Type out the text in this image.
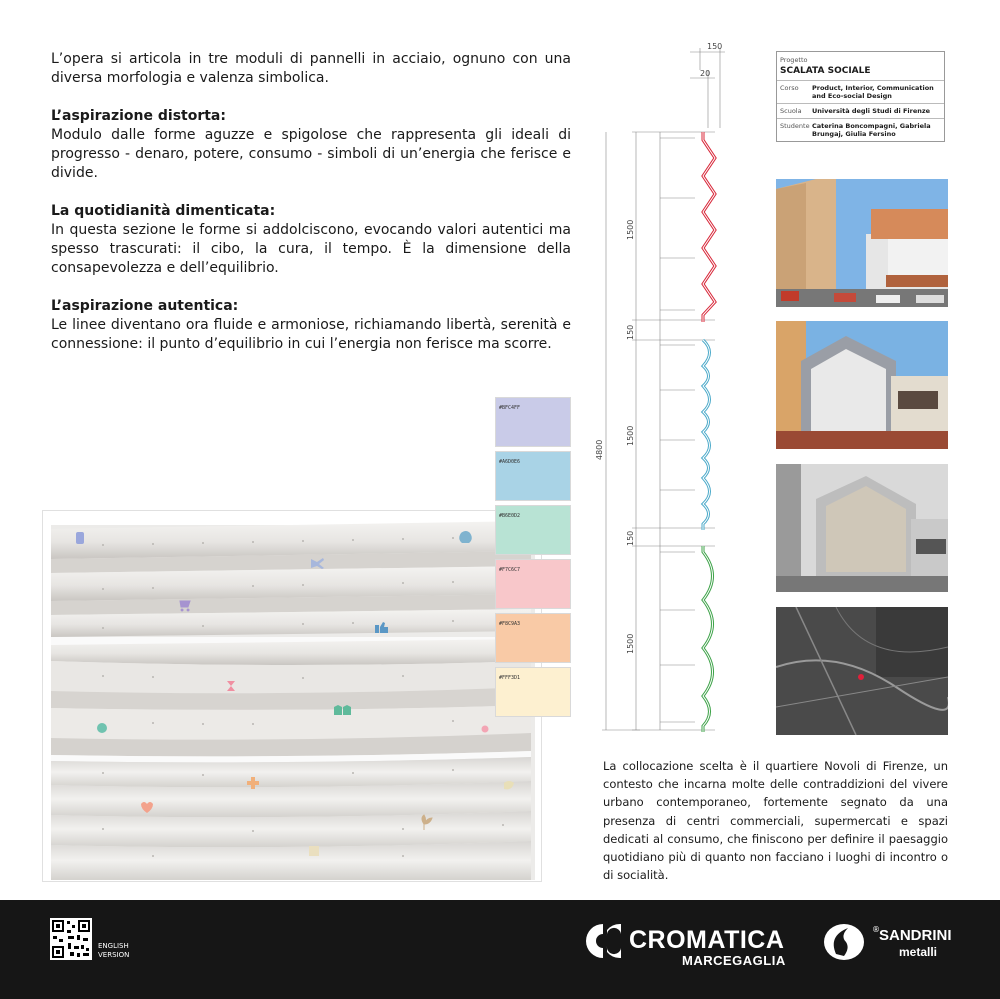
L’opera si articola in tre moduli di pannelli in acciaio, ognuno con una diversa morfologia e valenza simbolica.

L’aspirazione distorta:

Modulo dalle forme aguzze e spigolose che rappresenta gli ideali di progresso - denaro, potere, consumo - simboli di un’energia che ferisce e divide.

La quotidianità dimenticata:

In questa sezione le forme si addolciscono, evocando valori autentici ma spesso trascurati: il cibo, la cura, il tempo. È la dimensione della consapevolezza e dell’equilibrio.

L’aspirazione autentica:

Le linee diventano ora fluide e armoniose, richiamando libertà, serenità e connessione: il punto d’equilibrio in cui l’energia non ferisce ma scorre.

#BFC4FF
#A6D0E6
#B6E0D2
#F7C6C7
#F8C9A3
#FFF3D1
150
20
4800
1500
150
1500
150
1500
Progetto
SCALATA SOCIALE
Corso	Product, Interior, Communication and Eco-social Design
Scuola	Università degli Studi di Firenze
Studente Caterina Boncompagni, Gabriela Brungaj, Giulia Fersino

La collocazione scelta è il quartiere Novoli di Firenze, un contesto che incarna molte delle contraddizioni del vivere urbano contemporaneo, fortemente segnato da una presenza di centri commerciali, supermercati e spazi dedicati al consumo, che finiscono per definire il paesaggio quotidiano più di quanto non facciano i luoghi di incontro o di socialità.

ENGLISH
VERSION
CROMATICA
MARCEGAGLIA
® SANDRINI
metalli
